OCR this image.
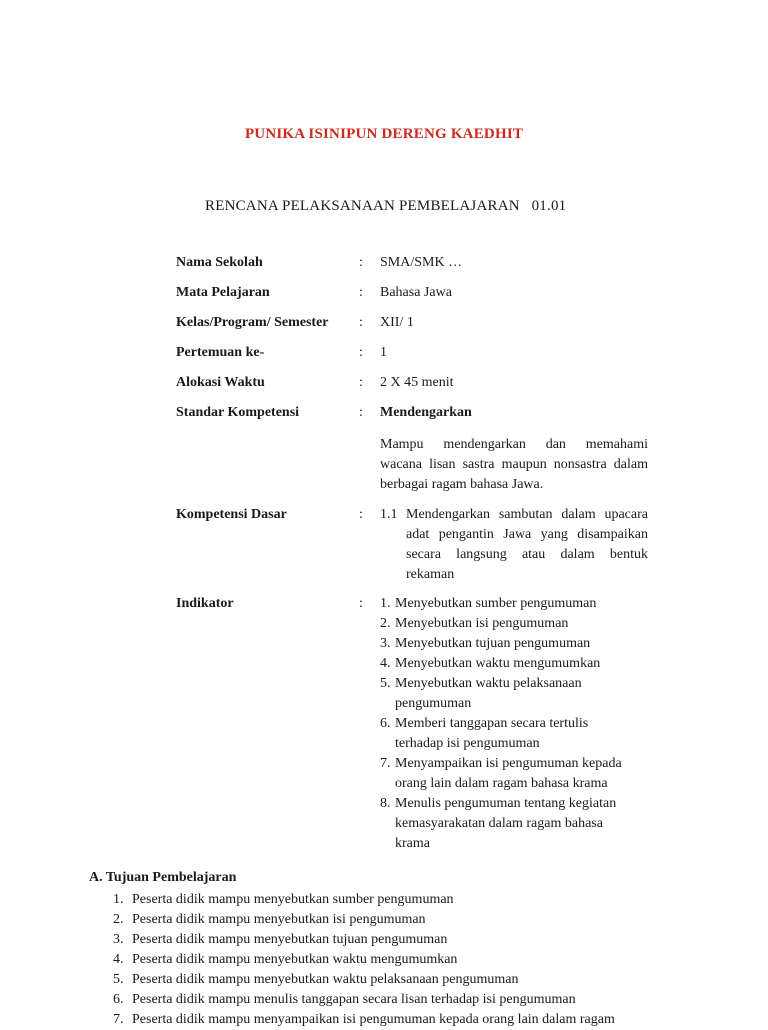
PUNIKA ISINIPUN DERENG KAEDHIT
RENCANA PELAKSANAAN PEMBELAJARAN   01.01
Nama Sekolah	: SMA/SMK …
Mata Pelajaran	: Bahasa Jawa
Kelas/Program/ Semester : XII/ 1
Pertemuan ke-	: 1
Alokasi Waktu	: 2 X 45 menit
Standar Kompetensi	: Mendengarkan
Mampu mendengarkan dan memahami
wacana lisan sastra maupun nonsastra dalam
berbagai ragam bahasa Jawa.
Kompetensi Dasar	: 1.1 Mendengarkan sambutan dalam upacara
adat pengantin Jawa yang disampaikan
secara langsung atau dalam bentuk
rekaman
Indikator	: 1. Menyebutkan sumber pengumuman
2. Menyebutkan isi pengumuman
3. Menyebutkan tujuan pengumuman
4. Menyebutkan waktu mengumumkan
5. Menyebutkan waktu pelaksanaan
pengumuman
6. Memberi tanggapan secara tertulis
terhadap isi pengumuman
7. Menyampaikan isi pengumuman kepada
orang lain dalam ragam bahasa krama
8. Menulis pengumuman tentang kegiatan
kemasyarakatan dalam ragam bahasa
krama
A. Tujuan Pembelajaran
1. Peserta didik mampu menyebutkan sumber pengumuman
2. Peserta didik mampu menyebutkan isi pengumuman
3. Peserta didik mampu menyebutkan tujuan pengumuman
4. Peserta didik mampu menyebutkan waktu mengumumkan
5. Peserta didik mampu menyebutkan waktu pelaksanaan pengumuman
6. Peserta didik mampu menulis tanggapan secara lisan terhadap isi pengumuman
7. Peserta didik mampu menyampaikan isi pengumuman kepada orang lain dalam ragam
